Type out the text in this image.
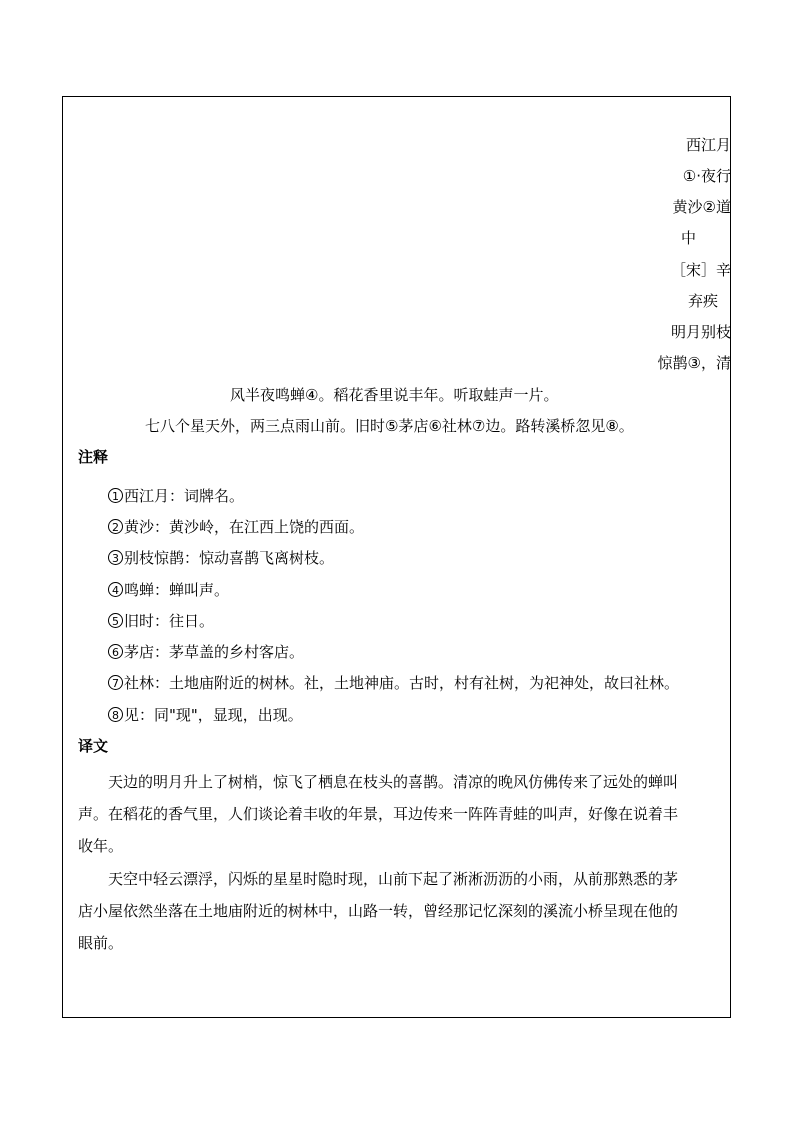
西江月
①·夜行
黄沙②道
中
［宋］辛
弃疾
明月别枝
惊鹊③，清
风半夜鸣蝉④。稻花香里说丰年。听取蛙声一片。
七八个星天外，两三点雨山前。旧时⑤茅店⑥社林⑦边。路转溪桥忽见⑧。
注释
1 西江月：词牌名。
2 黄沙：黄沙岭，在江西上饶的西面。
3 别枝惊鹊：惊动喜鹊飞离树枝。
4 鸣蝉：蝉叫声。
5 旧时：往日。
6 茅店：茅草盖的乡村客店。
7 社林：土地庙附近的树林。社，土地神庙。古时，村有社树，为祀神处，故曰社林。
8 见：同"现"，显现，出现。
译文
天边的明月升上了树梢，惊飞了栖息在枝头的喜鹊。清凉的晚风仿佛传来了远处的蝉叫
声。在稻花的香气里，人们谈论着丰收的年景，耳边传来一阵阵青蛙的叫声，好像在说着丰
收年。
天空中轻云漂浮，闪烁的星星时隐时现，山前下起了淅淅沥沥的小雨，从前那熟悉的茅
店小屋依然坐落在土地庙附近的树林中，山路一转，曾经那记忆深刻的溪流小桥呈现在他的
眼前。
